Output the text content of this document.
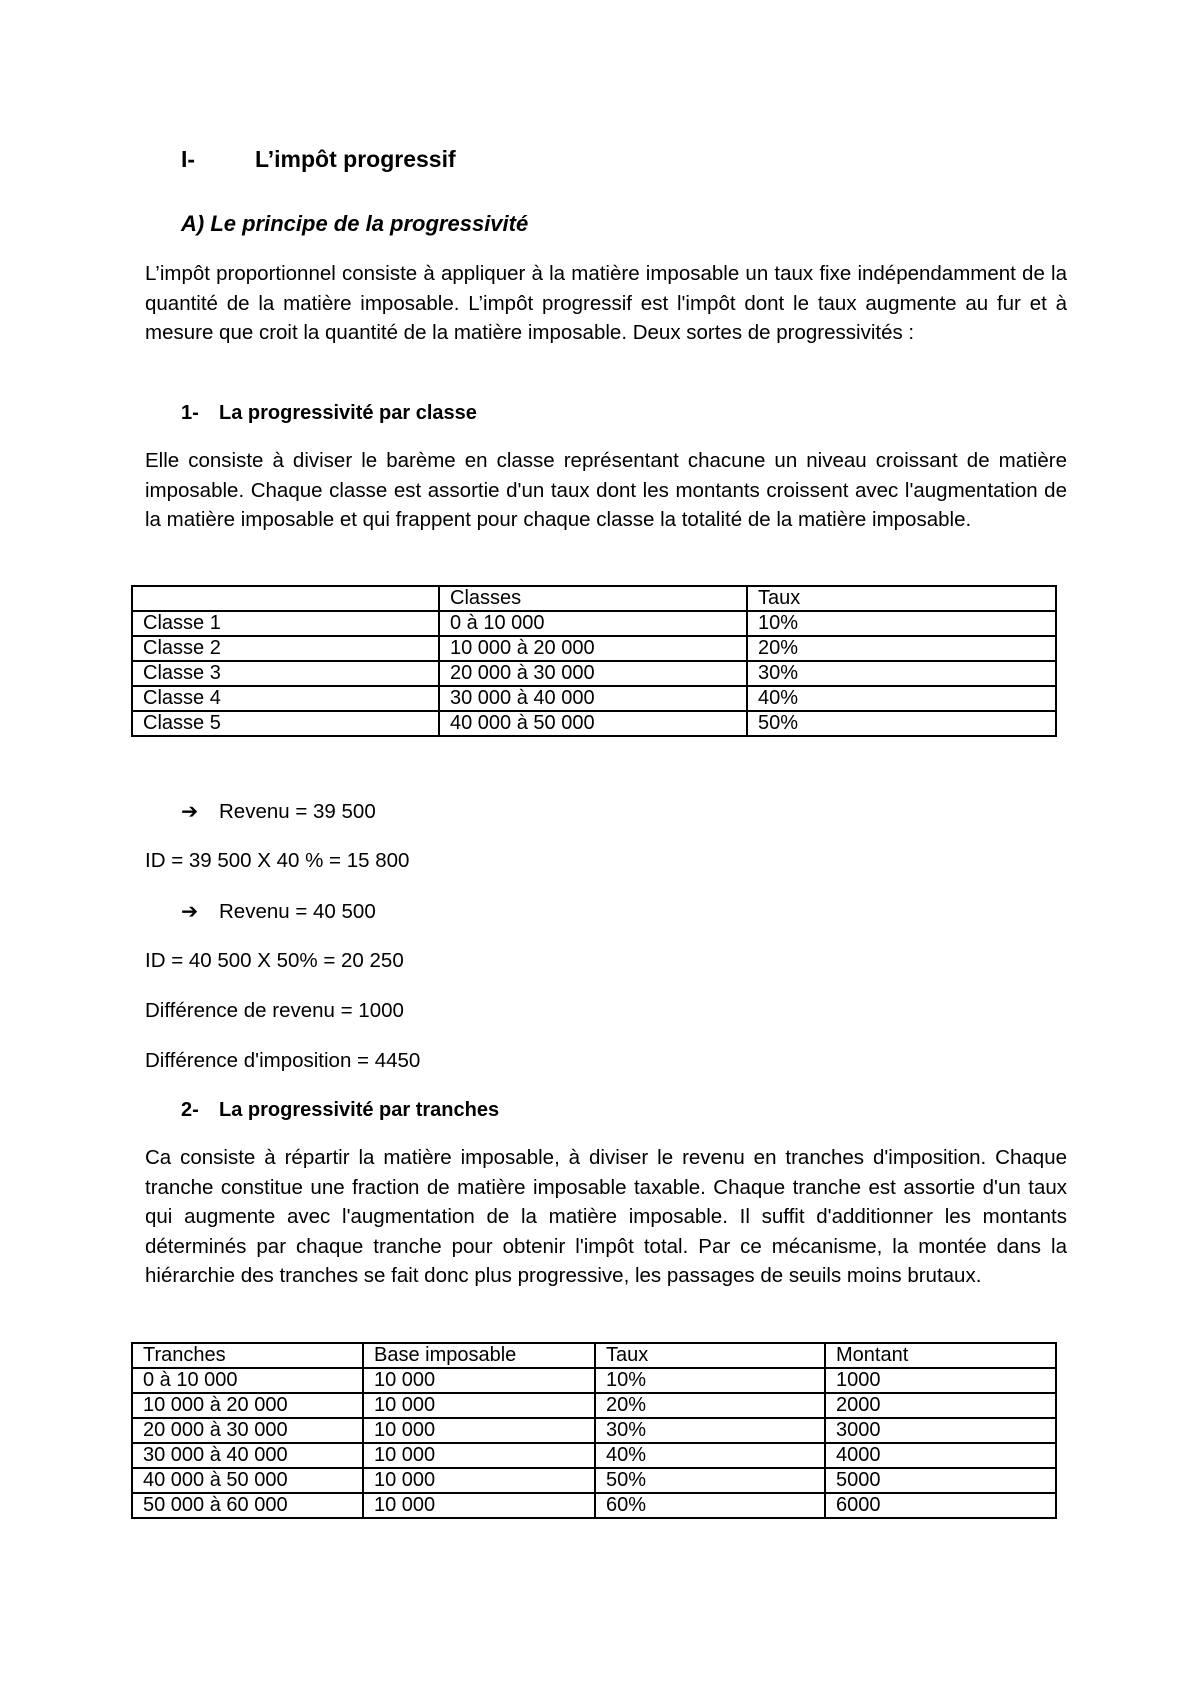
I-	L’impôt progressif
A) Le principe de la progressivité
L’impôt proportionnel consiste à appliquer à la matière imposable un taux fixe indépendamment de la quantité de la matière imposable. L’impôt progressif est l'impôt dont le taux augmente au fur et à mesure que croit la quantité de la matière imposable. Deux sortes de progressivités :
1- La progressivité par classe
Elle consiste à diviser le barème en classe représentant chacune un niveau croissant de matière imposable. Chaque classe est assortie d'un taux dont les montants croissent avec l'augmentation de la matière imposable et qui frappent pour chaque classe la totalité de la matière imposable.
	Classes	Taux
Classe 1	0 à 10 000	10%
Classe 2	10 000 à 20 000	20%
Classe 3	20 000 à 30 000	30%
Classe 4	30 000 à 40 000	40%
Classe 5	40 000 à 50 000	50%
➔ Revenu = 39 500
ID = 39 500 X 40 % = 15 800
➔ Revenu = 40 500
ID = 40 500 X 50% = 20 250
Différence de revenu = 1000
Différence d'imposition = 4450
2- La progressivité par tranches
Ca consiste à répartir la matière imposable, à diviser le revenu en tranches d'imposition. Chaque tranche constitue une fraction de matière imposable taxable. Chaque tranche est assortie d'un taux qui augmente avec l'augmentation de la matière imposable. Il suffit d'additionner les montants déterminés par chaque tranche pour obtenir l'impôt total. Par ce mécanisme, la montée dans la hiérarchie des tranches se fait donc plus progressive, les passages de seuils moins brutaux.
Tranches	Base imposable	Taux	Montant
0 à 10 000	10 000	10%	1000
10 000 à 20 000	10 000	20%	2000
20 000 à 30 000	10 000	30%	3000
30 000 à 40 000	10 000	40%	4000
40 000 à 50 000	10 000	50%	5000
50 000 à 60 000	10 000	60%	6000
